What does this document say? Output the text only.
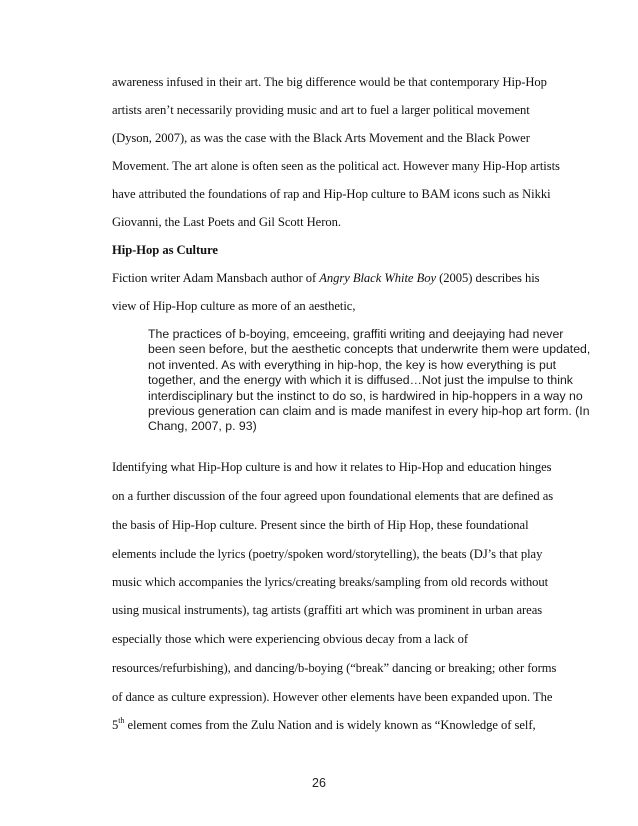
awareness infused in their art. The big difference would be that contemporary Hip-Hop
artists aren’t necessarily providing music and art to fuel a larger political movement
(Dyson, 2007), as was the case with the Black Arts Movement and the Black Power
Movement. The art alone is often seen as the political act. However many Hip-Hop artists
have attributed the foundations of rap and Hip-Hop culture to BAM icons such as Nikki
Giovanni, the Last Poets and Gil Scott Heron.
Hip-Hop as Culture
Fiction writer Adam Mansbach author of Angry Black White Boy (2005) describes his
view of Hip-Hop culture as more of an aesthetic,
The practices of b-boying, emceeing, graffiti writing and deejaying had never
been seen before, but the aesthetic concepts that underwrite them were updated,
not invented. As with everything in hip-hop, the key is how everything is put
together, and the energy with which it is diffused…Not just the impulse to think
interdisciplinary but the instinct to do so, is hardwired in hip-hoppers in a way no
previous generation can claim and is made manifest in every hip-hop art form. (In
Chang, 2007, p. 93)
Identifying what Hip-Hop culture is and how it relates to Hip-Hop and education hinges
on a further discussion of the four agreed upon foundational elements that are defined as
the basis of Hip-Hop culture. Present since the birth of Hip Hop, these foundational
elements include the lyrics (poetry/spoken word/storytelling), the beats (DJ’s that play
music which accompanies the lyrics/creating breaks/sampling from old records without
using musical instruments), tag artists (graffiti art which was prominent in urban areas
especially those which were experiencing obvious decay from a lack of
resources/refurbishing), and dancing/b-boying (“break” dancing or breaking; other forms
of dance as culture expression). However other elements have been expanded upon. The
5th element comes from the Zulu Nation and is widely known as “Knowledge of self,
26
